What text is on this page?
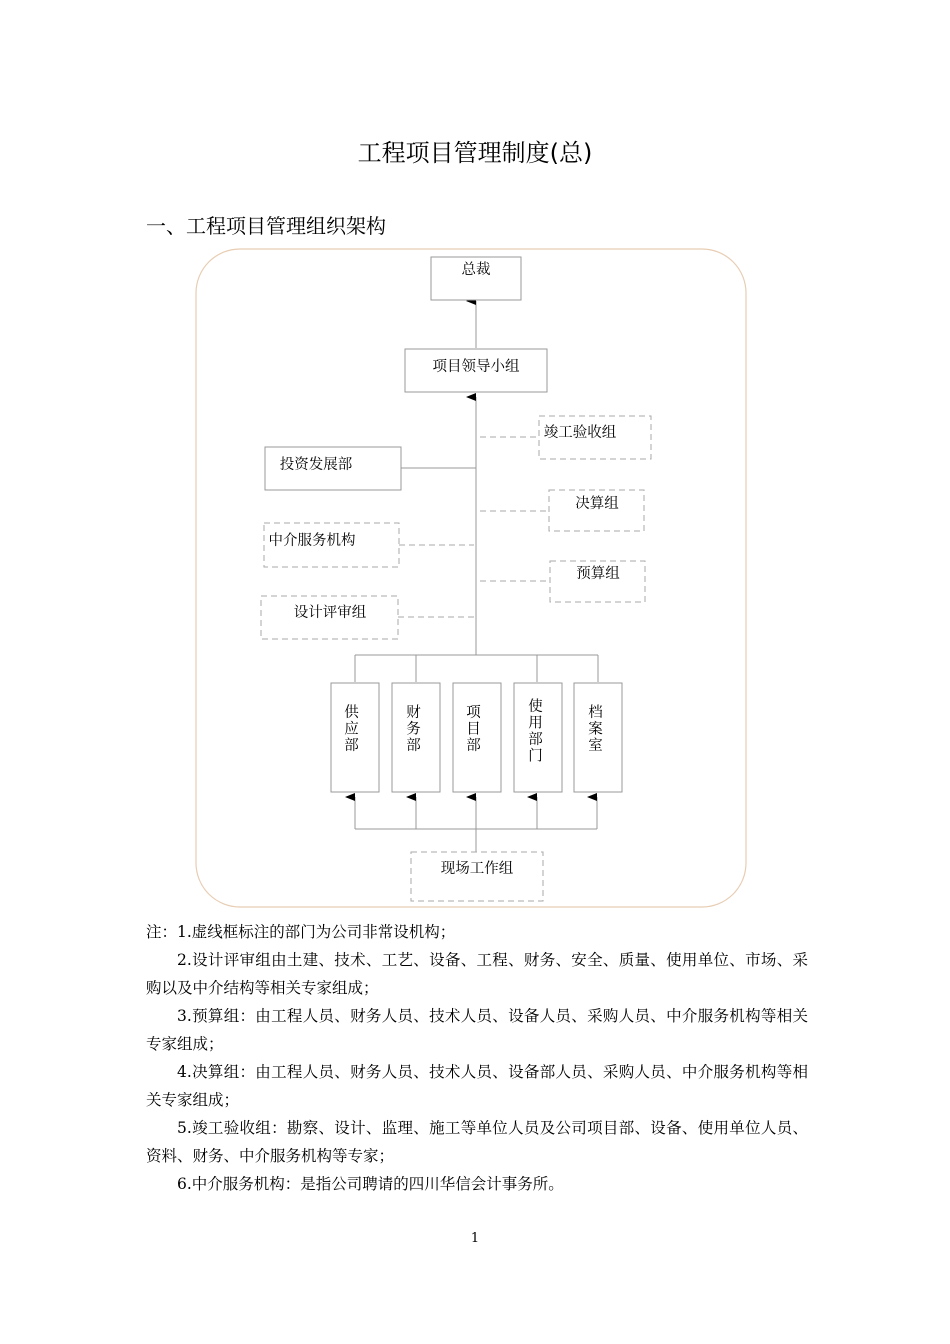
工程项目管理制度(总)
一、工程项目管理组织架构
总裁
项目领导小组
竣工验收组
投资发展部
决算组
中介服务机构
预算组
设计评审组
供应部	财务部	项目部	使用部门	档案室
现场工作组

注：1.虚线框标注的部门为公司非常设机构；

2.设计评审组由土建、技术、工艺、设备、工程、财务、安全、质量、使用单位、市场、采购以及中介结构等相关专家组成；

3.预算组：由工程人员、财务人员、技术人员、设备人员、采购人员、中介服务机构等相关专家组成；

4.决算组：由工程人员、财务人员、技术人员、设备部人员、采购人员、中介服务机构等相关专家组成；

5.竣工验收组：勘察、设计、监理、施工等单位人员及公司项目部、设备、使用单位人员、资料、财务、中介服务机构等专家；

6.中介服务机构：是指公司聘请的四川华信会计事务所。

1
